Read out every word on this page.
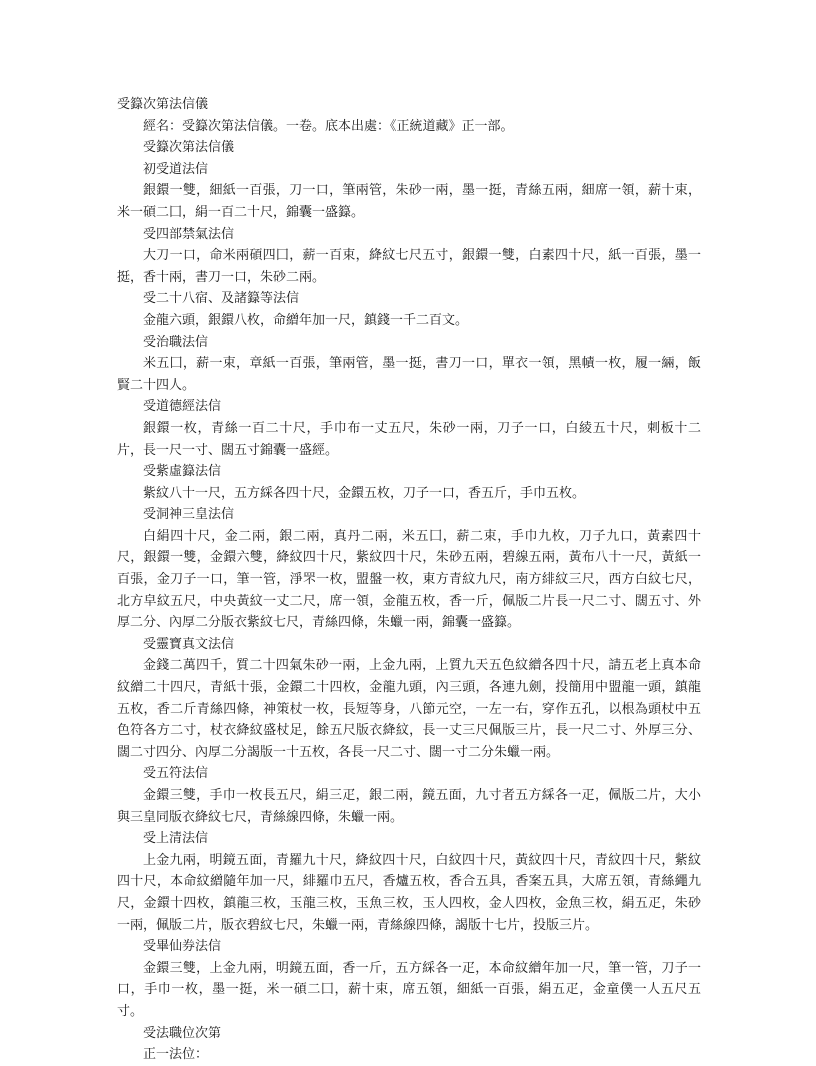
受籙次第法信儀

經名：受籙次第法信儀。一卷。底本出處：《正統道藏》正一部。

受籙次第法信儀

初受道法信

銀鐶一雙，細紙一百張，刀一口，筆兩管，朱砂一兩，墨一挺，青絲五兩，細席一領，薪十束，米一碩二囗，絹一百二十尺，錦囊一盛籙。

受四部禁氣法信

大刀一口，命米兩碩四囗，薪一百束，絳紋七尺五寸，銀鐶一雙，白素四十尺，紙一百張，墨一挺，香十兩，書刀一口，朱砂二兩。

受二十八宿、及諸籙等法信

金龍六頭，銀鐶八枚，命繒年加一尺，鎮錢一千二百文。

受治職法信

米五囗，薪一束，章紙一百張，筆兩管，墨一挺，書刀一口，單衣一領，黑幘一枚，履一緉，飯賢二十四人。

受道德經法信

銀鐶一枚，青絲一百二十尺，手巾布一丈五尺，朱砂一兩，刀子一口，白綾五十尺，刺板十二片，長一尺一寸、闊五寸錦囊一盛經。

受紫虛籙法信

紫紋八十一尺，五方綵各四十尺，金鐶五枚，刀子一口，香五斤，手巾五枚。

受洞神三皇法信

白絹四十尺，金二兩，銀二兩，真丹二兩，米五囗，薪二束，手巾九枚，刀子九口，黃素四十尺，銀鐶一雙，金鐶六雙，絳紋四十尺，紫紋四十尺，朱砂五兩，碧線五兩，黃布八十一尺，黃紙一百張，金刀子一口，筆一管，淨罘一枚，盟盤一枚，東方青紋九尺，南方緋紋三尺，西方白紋七尺，北方皁紋五尺，中央黃紋一丈二尺，席一領，金龍五枚，香一斤，佩版二片長一尺二寸、闊五寸、外厚二分、內厚二分版衣紫紋七尺，青絲四條，朱蠟一兩，錦囊一盛籙。

受靈寶真文法信

金錢二萬四千，質二十四氣朱砂一兩，上金九兩，上質九天五色紋繒各四十尺，請五老上真本命紋繒二十四尺，青紙十張，金鐶二十四枚，金龍九頭，內三頭，各連九劍，投簡用中盟龍一頭，鎮龍五枚，香二斤青絲四條，神策杖一枚，長短等身，八節元空，一左一右，穿作五孔，以根為頭杖中五色符各方二寸，杖衣絳紋盛杖足，餘五尺版衣絳紋，長一丈三尺佩版三片，長一尺二寸、外厚三分、闊二寸四分、內厚二分謁版一十五枚，各長一尺二寸、闊一寸二分朱蠟一兩。

受五符法信

金鐶三雙，手巾一枚長五尺，絹三疋，銀二兩，鏡五面，九寸者五方綵各一疋，佩版二片，大小與三皇同版衣絳紋七尺，青絲線四條，朱蠟一兩。

受上清法信

上金九兩，明鏡五面，青羅九十尺，絳紋四十尺，白紋四十尺，黃紋四十尺，青紋四十尺，紫紋四十尺，本命紋繒隨年加一尺，緋羅巾五尺，香爐五枚，香合五具，香案五具，大席五領，青絲繩九尺，金鐶十四枚，鎮龍三枚，玉龍三枚，玉魚三枚，玉人四枚，金人四枚，金魚三枚，絹五疋，朱砂一兩，佩版二片，版衣碧紋七尺，朱蠟一兩，青絲線四條，謁版十七片，投版三片。

受畢仙券法信

金鐶三雙，上金九兩，明鏡五面，香一斤，五方綵各一疋，本命紋繒年加一尺，筆一管，刀子一口，手巾一枚，墨一挺，米一碩二囗，薪十束，席五領，細紙一百張，絹五疋，金童僕一人五尺五寸。

受法職位次第

正一法位：
